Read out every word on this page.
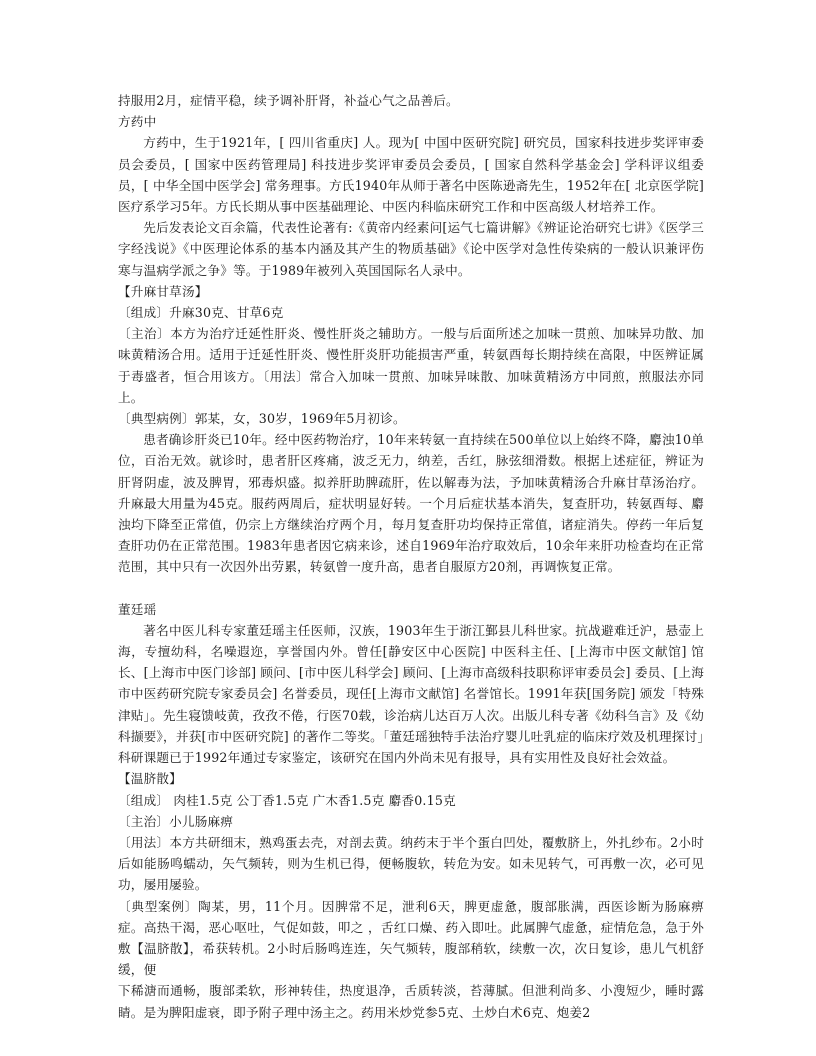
持服用2月，症情平稳，续予调补肝肾，补益心气之品善后。

方药中

方药中，生于1921年，[ 四川省重庆] 人。现为[ 中国中医研究院] 研究员，国家科技进步奖评审委员会委员，[ 国家中医药管理局] 科技进步奖评审委员会委员，[ 国家自然科学基金会] 学科评议组委员，[ 中华全国中医学会] 常务理事。方氏1940年从师于著名中医陈逊斋先生，1952年在[ 北京医学院] 医疗系学习5年。方氏长期从事中医基础理论、中医内科临床研究工作和中医高级人材培养工作。

先后发表论文百余篇，代表性论著有:《黄帝内经素问[运气七篇讲解》《辨证论治研究七讲》《医学三字经浅说》《中医理论体系的基本内涵及其产生的物质基础》《论中医学对急性传染病的一般认识兼评伤寒与温病学派之争》等。于1989年被列入英国国际名人录中。

【升麻甘草汤】

〔组成〕升麻30克、甘草6克

〔主治〕本方为治疗迁延性肝炎、慢性肝炎之辅助方。一般与后面所述之加味一贯煎、加味异功散、加味黄精汤合用。适用于迁延性肝炎、慢性肝炎肝功能损害严重，转氨酉每长期持续在高限，中医辨证属于毒盛者，恒合用该方。〔用法〕常合入加味一贯煎、加味异味散、加味黄精汤方中同煎，煎服法亦同上。

〔典型病例〕郭某，女，30岁，1969年5月初诊。

患者确诊肝炎已10年。经中医药物治疗，10年来转氨一直持续在500单位以上始终不降，麝浊10单位，百治无效。就诊时，患者肝区疼痛，波乏无力，纳差，舌红，脉弦细滑数。根据上述症征，辨证为肝肾阴虚，波及脾胃，邪毒炽盛。拟养肝助脾疏肝，佐以解毒为法，予加味黄精汤合升麻甘草汤治疗。升麻最大用量为45克。服药两周后，症状明显好转。一个月后症状基本消失，复查肝功，转氨酉每、麝浊均下降至正常值，仍宗上方继续治疗两个月，每月复查肝功均保持正常值，诸症消失。停药一年后复查肝功仍在正常范围。1983年患者因它病来诊，述自1969年治疗取效后，10余年来肝功检查均在正常范围，其中只有一次因外出劳累，转氨曾一度升高，患者自服原方20剂，再调恢复正常。

董廷瑶

著名中医儿科专家董廷瑶主任医师，汉族，1903年生于浙江鄞县儿科世家。抗战避难迁沪，悬壶上海，专擅幼科，名噪遐迩，享誉国内外。曾任[静安区中心医院] 中医科主任、[上海市中医文献馆] 馆长、[上海市中医门诊部] 顾问、[市中医儿科学会] 顾问、[上海市高级科技职称评审委员会] 委员、[上海市中医药研究院专家委员会] 名誉委员，现任[上海市文献馆] 名誉馆长。1991年获[国务院] 颁发「特殊津贴」。先生寝馈岐黄，孜孜不倦，行医70载，诊治病儿达百万人次。出版儿科专著《幼科刍言》及《幼科撷要》，并获[市中医研究院] 的著作二等奖。「董廷瑶独特手法治疗婴儿吐乳症的临床疗效及机理探讨」科研课题已于1992年通过专家鉴定，该研究在国内外尚未见有报导，具有实用性及良好社会效益。

【温脐散】

〔组成〕 肉桂1.5克 公丁香1.5克 广木香1.5克 麝香0.15克

〔主治〕小儿肠麻痹

〔用法〕本方共研细末，熟鸡蛋去壳，对剖去黄。纳药末于半个蛋白凹处，覆敷脐上，外扎纱布。2小时后如能肠鸣蠕动，矢气频转，则为生机已得，便畅腹软，转危为安。如未见转气，可再敷一次，必可见功，屡用屡验。

〔典型案例〕陶某，男，11个月。因脾常不足，泄利6天，脾更虚惫，腹部胀满，西医诊断为肠麻痹症。高热干渴，恶心呕吐，气促如鼓，叩之 ，舌红口燥、药入即吐。此属脾气虚惫，症情危急，急于外敷【温脐散】，希获转机。2小时后肠鸣连连，矢气频转，腹部稍软，续敷一次，次日复诊，患儿气机舒缓，便

下稀溏而通畅，腹部柔软，形神转佳，热度退净，舌质转淡，苔薄腻。但泄利尚多、小溲短少，睡时露睛。是为脾阳虚衰，即予附子理中汤主之。药用米炒党参5克、土炒白术6克、炮姜2
